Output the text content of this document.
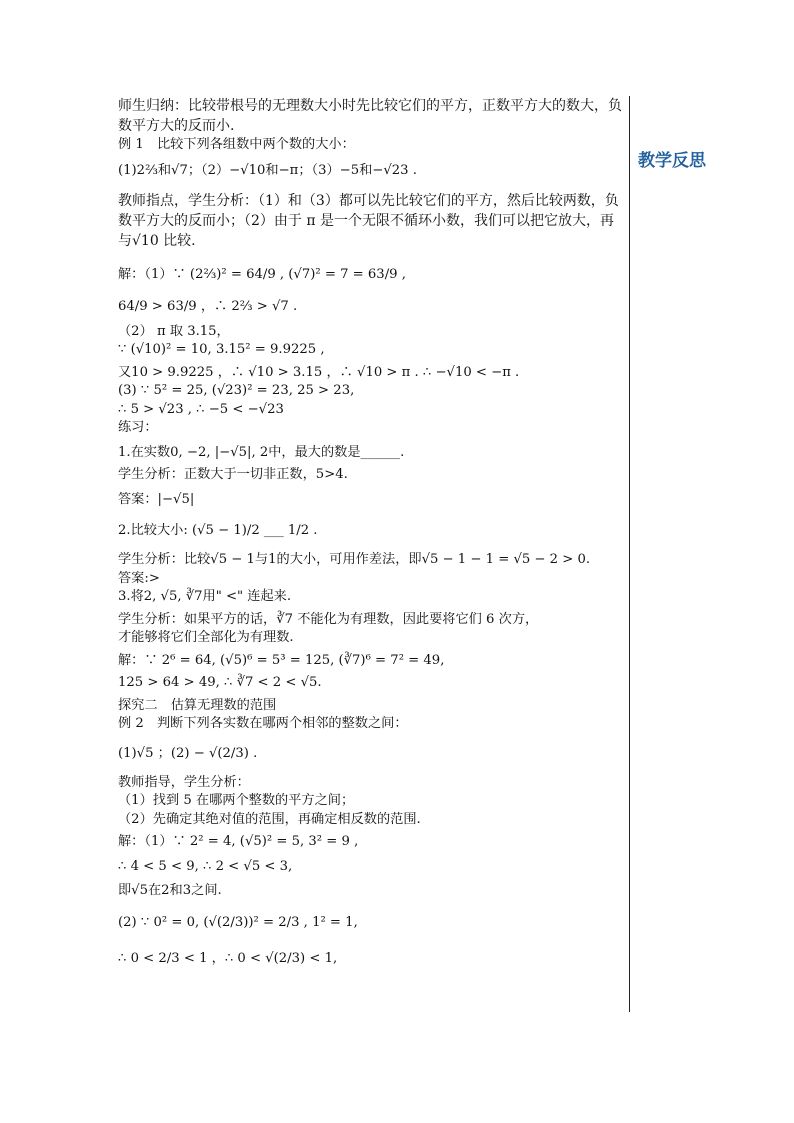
教学反思
师生归纳：比较带根号的无理数大小时先比较它们的平方，正数平方大的数大，负数平方大的反而小.
例 1　比较下列各组数中两个数的大小：
(1)2⅔和√7；（2）−√10和−π；（3）−5和−√23 .
教师指点，学生分析：（1）和（3）都可以先比较它们的平方，然后比较两数，负数平方大的反而小；（2）由于 π 是一个无限不循环小数，我们可以把它放大，再与√10 比较.
解：（1）∵ (2⅔)² = 64/9 , (√7)² = 7 = 63/9 ,
64/9 > 63/9 ，∴ 2⅔ > √7 .
（2） π 取 3.15，
∵ (√10)² = 10, 3.15² = 9.9225 ,
又10 > 9.9225 ，∴ √10 > 3.15 ，∴ √10 > π . ∴ −√10 < −π .
(3) ∵ 5² = 25, (√23)² = 23, 25 > 23,
∴ 5 > √23 , ∴ −5 < −√23
练习：
1.在实数0, −2, |−√5|, 2中，最大的数是______.
学生分析：正数大于一切非正数，5>4.
答案：|−√5|
2.比较大小: (√5 − 1)/2 ___ 1/2 .
学生分析：比较√5 − 1与1的大小，可用作差法，即√5 − 1 − 1 = √5 − 2 > 0.
答案:>
3.将2, √5, ∛7用" <" 连起来.
学生分析：如果平方的话，∛7 不能化为有理数，因此要将它们 6 次方，
才能够将它们全部化为有理数.
解：∵ 2⁶ = 64, (√5)⁶ = 5³ = 125, (∛7)⁶ = 7² = 49,
125 > 64 > 49, ∴ ∛7 < 2 < √5.
探究二　估算无理数的范围
例 2　判断下列各实数在哪两个相邻的整数之间：
(1)√5 ；(2) − √(2/3) .
教师指导，学生分析：
（1）找到 5 在哪两个整数的平方之间；
（2）先确定其绝对值的范围，再确定相反数的范围.
解：（1）∵ 2² = 4, (√5)² = 5, 3² = 9 ,
∴ 4 < 5 < 9, ∴ 2 < √5 < 3,
即√5在2和3之间.
(2) ∵ 0² = 0, (√(2/3))² = 2/3 , 1² = 1,
∴ 0 < 2/3 < 1 ，∴ 0 < √(2/3) < 1,
